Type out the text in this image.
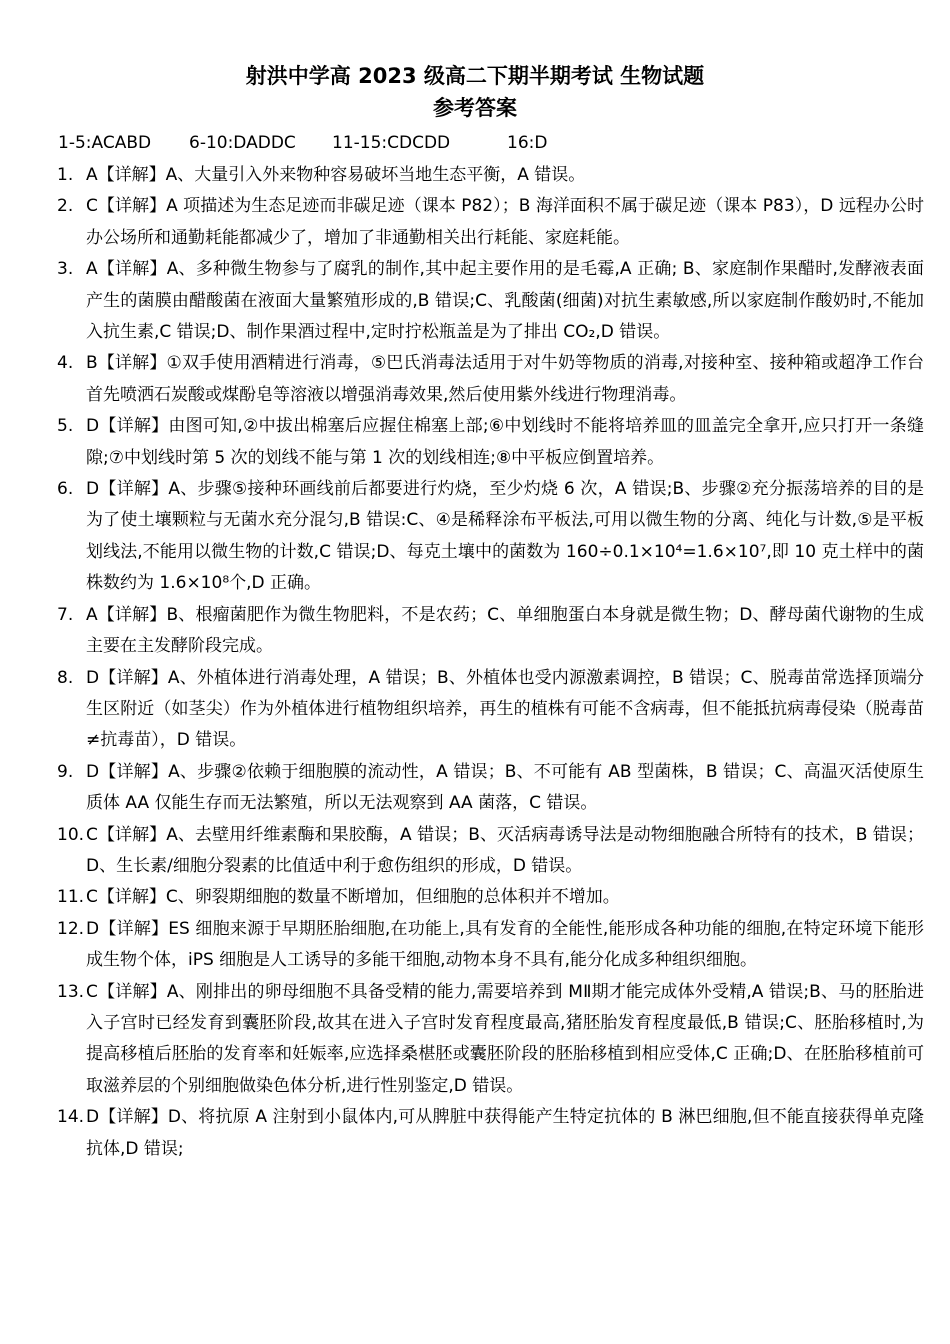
射洪中学高 2023 级高二下期半期考试 生物试题
参考答案
1-5:ACABD 6-10:DADDC 11-15:CDCDD	16:D
1. A【详解】A、大量引入外来物种容易破坏当地生态平衡，A 错误。
2. C【详解】A 项描述为生态足迹而非碳足迹（课本 P82）；B 海洋面积不属于碳足迹（课本 P83），D 远程办公时办公场所和通勤耗能都减少了，增加了非通勤相关出行耗能、家庭耗能。
3. A【详解】A、多种微生物参与了腐乳的制作,其中起主要作用的是毛霉,A 正确; B、家庭制作果醋时,发酵液表面产生的菌膜由醋酸菌在液面大量繁殖形成的,B 错误;C、乳酸菌(细菌)对抗生素敏感,所以家庭制作酸奶时,不能加入抗生素,C 错误;D、制作果酒过程中,定时拧松瓶盖是为了排出 CO₂,D 错误。
4. B【详解】①双手使用酒精进行消毒，⑤巴氏消毒法适用于对牛奶等物质的消毒,对接种室、接种箱或超净工作台首先喷洒石炭酸或煤酚皂等溶液以增强消毒效果,然后使用紫外线进行物理消毒。
5. D【详解】由图可知,②中拔出棉塞后应握住棉塞上部;⑥中划线时不能将培养皿的皿盖完全拿开,应只打开一条缝隙;⑦中划线时第 5 次的划线不能与第 1 次的划线相连;⑧中平板应倒置培养。
6. D【详解】A、步骤⑤接种环画线前后都要进行灼烧，至少灼烧 6 次，A 错误;B、步骤②充分振荡培养的目的是为了使土壤颗粒与无菌水充分混匀,B 错误:C、④是稀释涂布平板法,可用以微生物的分离、纯化与计数,⑤是平板划线法,不能用以微生物的计数,C 错误;D、每克土壤中的菌数为 160÷0.1×10⁴=1.6×10⁷,即 10 克土样中的菌株数约为 1.6×10⁸个,D 正确。
7. A【详解】B、根瘤菌肥作为微生物肥料，不是农药；C、单细胞蛋白本身就是微生物；D、酵母菌代谢物的生成主要在主发酵阶段完成。
8. D【详解】A、外植体进行消毒处理，A 错误；B、外植体也受内源激素调控，B 错误；C、脱毒苗常选择顶端分生区附近（如茎尖）作为外植体进行植物组织培养，再生的植株有可能不含病毒，但不能抵抗病毒侵染（脱毒苗≠抗毒苗），D 错误。
9. D【详解】A、步骤②依赖于细胞膜的流动性，A 错误；B、不可能有 AB 型菌株，B 错误；C、高温灭活使原生质体 AA 仅能生存而无法繁殖，所以无法观察到 AA 菌落，C 错误。
10. C【详解】A、去壁用纤维素酶和果胶酶，A 错误；B、灭活病毒诱导法是动物细胞融合所特有的技术，B 错误；D、生长素/细胞分裂素的比值适中利于愈伤组织的形成，D 错误。
11. C【详解】C、卵裂期细胞的数量不断增加，但细胞的总体积并不增加。
12. D【详解】ES 细胞来源于早期胚胎细胞,在功能上,具有发育的全能性,能形成各种功能的细胞,在特定环境下能形成生物个体，iPS 细胞是人工诱导的多能干细胞,动物本身不具有,能分化成多种组织细胞。
13. C【详解】A、刚排出的卵母细胞不具备受精的能力,需要培养到 MⅡ期才能完成体外受精,A 错误;B、马的胚胎进入子宫时已经发育到囊胚阶段,故其在进入子宫时发育程度最高,猪胚胎发育程度最低,B 错误;C、胚胎移植时,为提高移植后胚胎的发育率和妊娠率,应选择桑椹胚或囊胚阶段的胚胎移植到相应受体,C 正确;D、在胚胎移植前可取滋养层的个别细胞做染色体分析,进行性别鉴定,D 错误。
14. D【详解】D、将抗原 A 注射到小鼠体内,可从脾脏中获得能产生特定抗体的 B 淋巴细胞,但不能直接获得单克隆抗体,D 错误;
